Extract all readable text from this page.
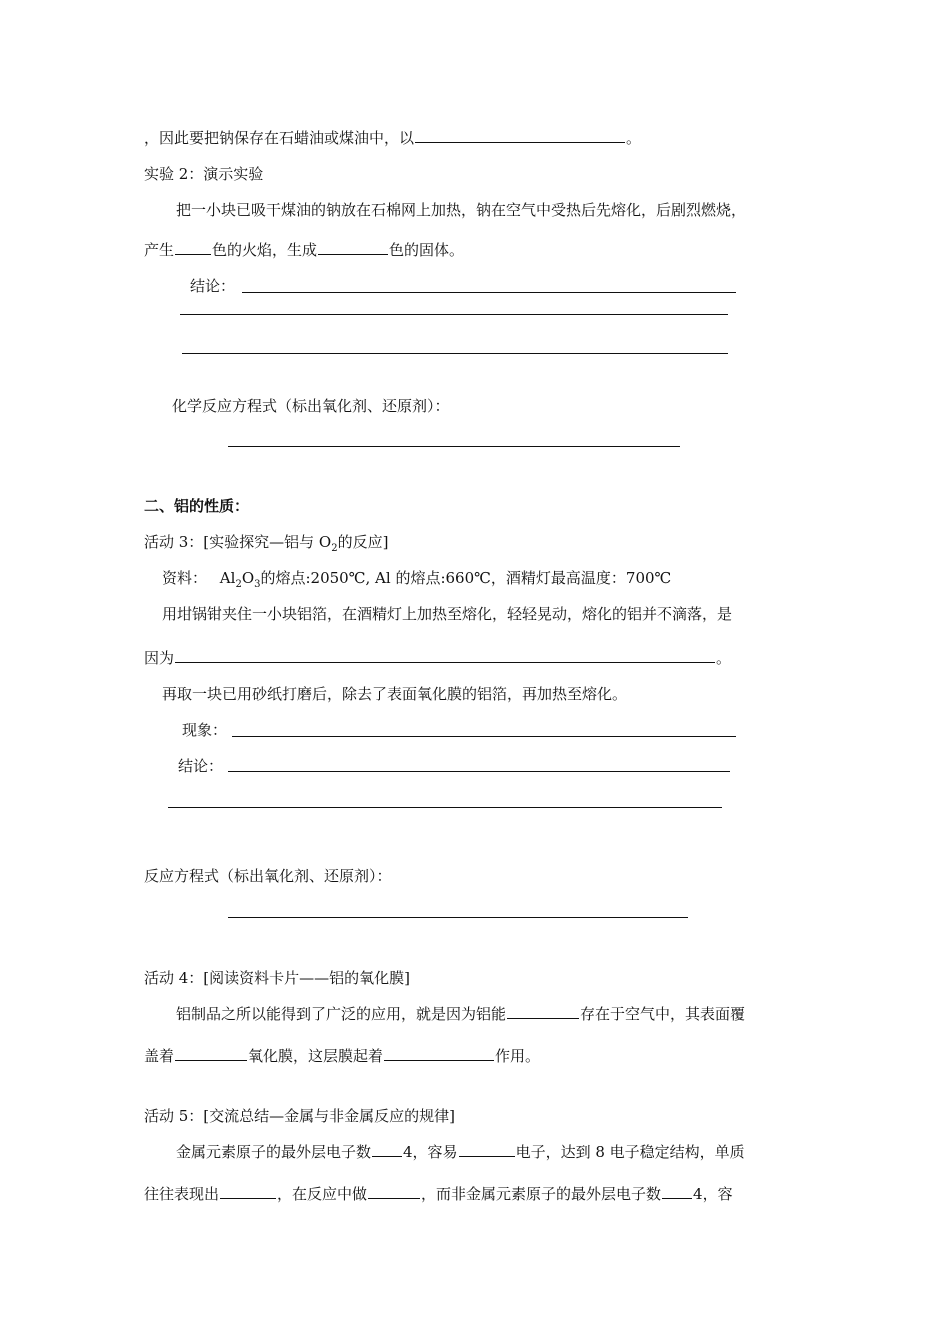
，因此要把钠保存在石蜡油或煤油中，以	。
实验 2：演示实验
把一小块已吸干煤油的钠放在石棉网上加热，钠在空气中受热后先熔化，后剧烈燃烧，
产生	色的火焰，生成	色的固体。
结论：
化学反应方程式（标出氧化剂、还原剂）：
二、铝的性质：
活动 3：[实验探究—铝与 $O_2$的反应]
资料： $Al_2O_3$的熔点:2050℃, Al 的熔点:660℃，酒精灯最高温度：700℃
用坩锅钳夹住一小块铝箔，在酒精灯上加热至熔化，轻轻晃动，熔化的铝并不滴落，是
因为	。
再取一块已用砂纸打磨后，除去了表面氧化膜的铝箔，再加热至熔化。
现象：
结论：
反应方程式（标出氧化剂、还原剂）：
活动 4：[阅读资料卡片——铝的氧化膜]
铝制品之所以能得到了广泛的应用，就是因为铝能	存在于空气中，其表面覆
盖着	氧化膜，这层膜起着	作用。
活动 5：[交流总结—金属与非金属反应的规律]
金属元素原子的最外层电子数 4，容易	电子，达到 8 电子稳定结构，单质
往往表现出	，在反应中做	，而非金属元素原子的最外层电子数 4，容
